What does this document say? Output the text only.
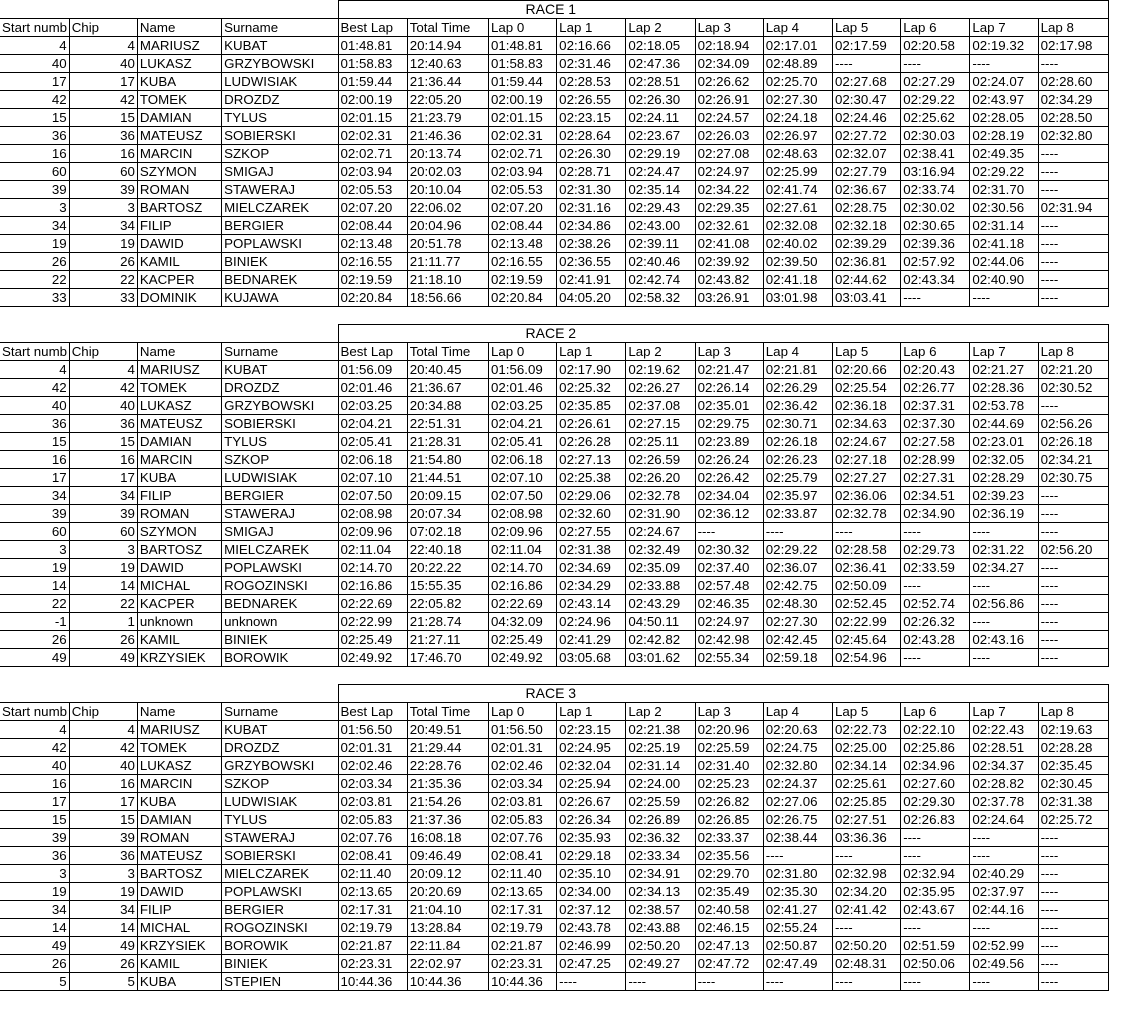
				RACE 1										
Start numb	Chip	Name	Surname	Best Lap	Total Time	Lap 0	Lap 1	Lap 2	Lap 3	Lap 4	Lap 5	Lap 6	Lap 7	Lap 8
4	4	MARIUSZ	KUBAT	01:48.81	20:14.94	01:48.81	02:16.66	02:18.05	02:18.94	02:17.01	02:17.59	02:20.58	02:19.32	02:17.98
40	40	LUKASZ	GRZYBOWSKI	01:58.83	12:40.63	01:58.83	02:31.46	02:47.36	02:34.09	02:48.89	----	----	----	----
17	17	KUBA	LUDWISIAK	01:59.44	21:36.44	01:59.44	02:28.53	02:28.51	02:26.62	02:25.70	02:27.68	02:27.29	02:24.07	02:28.60
42	42	TOMEK	DROZDZ	02:00.19	22:05.20	02:00.19	02:26.55	02:26.30	02:26.91	02:27.30	02:30.47	02:29.22	02:43.97	02:34.29
15	15	DAMIAN	TYLUS	02:01.15	21:23.79	02:01.15	02:23.15	02:24.11	02:24.57	02:24.18	02:24.46	02:25.62	02:28.05	02:28.50
36	36	MATEUSZ	SOBIERSKI	02:02.31	21:46.36	02:02.31	02:28.64	02:23.67	02:26.03	02:26.97	02:27.72	02:30.03	02:28.19	02:32.80
16	16	MARCIN	SZKOP	02:02.71	20:13.74	02:02.71	02:26.30	02:29.19	02:27.08	02:48.63	02:32.07	02:38.41	02:49.35	----
60	60	SZYMON	SMIGAJ	02:03.94	20:02.03	02:03.94	02:28.71	02:24.47	02:24.97	02:25.99	02:27.79	03:16.94	02:29.22	----
39	39	ROMAN	STAWERAJ	02:05.53	20:10.04	02:05.53	02:31.30	02:35.14	02:34.22	02:41.74	02:36.67	02:33.74	02:31.70	----
3	3	BARTOSZ	MIELCZAREK	02:07.20	22:06.02	02:07.20	02:31.16	02:29.43	02:29.35	02:27.61	02:28.75	02:30.02	02:30.56	02:31.94
34	34	FILIP	BERGIER	02:08.44	20:04.96	02:08.44	02:34.86	02:43.00	02:32.61	02:32.08	02:32.18	02:30.65	02:31.14	----
19	19	DAWID	POPLAWSKI	02:13.48	20:51.78	02:13.48	02:38.26	02:39.11	02:41.08	02:40.02	02:39.29	02:39.36	02:41.18	----
26	26	KAMIL	BINIEK	02:16.55	21:11.77	02:16.55	02:36.55	02:40.46	02:39.92	02:39.50	02:36.81	02:57.92	02:44.06	----
22	22	KACPER	BEDNAREK	02:19.59	21:18.10	02:19.59	02:41.91	02:42.74	02:43.82	02:41.18	02:44.62	02:43.34	02:40.90	----
33	33	DOMINIK	KUJAWA	02:20.84	18:56.66	02:20.84	04:05.20	02:58.32	03:26.91	03:01.98	03:03.41	----	----	----
				RACE 2										
Start numb	Chip	Name	Surname	Best Lap	Total Time	Lap 0	Lap 1	Lap 2	Lap 3	Lap 4	Lap 5	Lap 6	Lap 7	Lap 8
4	4	MARIUSZ	KUBAT	01:56.09	20:40.45	01:56.09	02:17.90	02:19.62	02:21.47	02:21.81	02:20.66	02:20.43	02:21.27	02:21.20
42	42	TOMEK	DROZDZ	02:01.46	21:36.67	02:01.46	02:25.32	02:26.27	02:26.14	02:26.29	02:25.54	02:26.77	02:28.36	02:30.52
40	40	LUKASZ	GRZYBOWSKI	02:03.25	20:34.88	02:03.25	02:35.85	02:37.08	02:35.01	02:36.42	02:36.18	02:37.31	02:53.78	----
36	36	MATEUSZ	SOBIERSKI	02:04.21	22:51.31	02:04.21	02:26.61	02:27.15	02:29.75	02:30.71	02:34.63	02:37.30	02:44.69	02:56.26
15	15	DAMIAN	TYLUS	02:05.41	21:28.31	02:05.41	02:26.28	02:25.11	02:23.89	02:26.18	02:24.67	02:27.58	02:23.01	02:26.18
16	16	MARCIN	SZKOP	02:06.18	21:54.80	02:06.18	02:27.13	02:26.59	02:26.24	02:26.23	02:27.18	02:28.99	02:32.05	02:34.21
17	17	KUBA	LUDWISIAK	02:07.10	21:44.51	02:07.10	02:25.38	02:26.20	02:26.42	02:25.79	02:27.27	02:27.31	02:28.29	02:30.75
34	34	FILIP	BERGIER	02:07.50	20:09.15	02:07.50	02:29.06	02:32.78	02:34.04	02:35.97	02:36.06	02:34.51	02:39.23	----
39	39	ROMAN	STAWERAJ	02:08.98	20:07.34	02:08.98	02:32.60	02:31.90	02:36.12	02:33.87	02:32.78	02:34.90	02:36.19	----
60	60	SZYMON	SMIGAJ	02:09.96	07:02.18	02:09.96	02:27.55	02:24.67	----	----	----	----	----	----
3	3	BARTOSZ	MIELCZAREK	02:11.04	22:40.18	02:11.04	02:31.38	02:32.49	02:30.32	02:29.22	02:28.58	02:29.73	02:31.22	02:56.20
19	19	DAWID	POPLAWSKI	02:14.70	20:22.22	02:14.70	02:34.69	02:35.09	02:37.40	02:36.07	02:36.41	02:33.59	02:34.27	----
14	14	MICHAL	ROGOZINSKI	02:16.86	15:55.35	02:16.86	02:34.29	02:33.88	02:57.48	02:42.75	02:50.09	----	----	----
22	22	KACPER	BEDNAREK	02:22.69	22:05.82	02:22.69	02:43.14	02:43.29	02:46.35	02:48.30	02:52.45	02:52.74	02:56.86	----
-1	1	unknown	unknown	02:22.99	21:28.74	04:32.09	02:24.96	04:50.11	02:24.97	02:27.30	02:22.99	02:26.32	----	----
26	26	KAMIL	BINIEK	02:25.49	21:27.11	02:25.49	02:41.29	02:42.82	02:42.98	02:42.45	02:45.64	02:43.28	02:43.16	----
49	49	KRZYSIEK	BOROWIK	02:49.92	17:46.70	02:49.92	03:05.68	03:01.62	02:55.34	02:59.18	02:54.96	----	----	----
				RACE 3										
Start numb	Chip	Name	Surname	Best Lap	Total Time	Lap 0	Lap 1	Lap 2	Lap 3	Lap 4	Lap 5	Lap 6	Lap 7	Lap 8
4	4	MARIUSZ	KUBAT	01:56.50	20:49.51	01:56.50	02:23.15	02:21.38	02:20.96	02:20.63	02:22.73	02:22.10	02:22.43	02:19.63
42	42	TOMEK	DROZDZ	02:01.31	21:29.44	02:01.31	02:24.95	02:25.19	02:25.59	02:24.75	02:25.00	02:25.86	02:28.51	02:28.28
40	40	LUKASZ	GRZYBOWSKI	02:02.46	22:28.76	02:02.46	02:32.04	02:31.14	02:31.40	02:32.80	02:34.14	02:34.96	02:34.37	02:35.45
16	16	MARCIN	SZKOP	02:03.34	21:35.36	02:03.34	02:25.94	02:24.00	02:25.23	02:24.37	02:25.61	02:27.60	02:28.82	02:30.45
17	17	KUBA	LUDWISIAK	02:03.81	21:54.26	02:03.81	02:26.67	02:25.59	02:26.82	02:27.06	02:25.85	02:29.30	02:37.78	02:31.38
15	15	DAMIAN	TYLUS	02:05.83	21:37.36	02:05.83	02:26.34	02:26.89	02:26.85	02:26.75	02:27.51	02:26.83	02:24.64	02:25.72
39	39	ROMAN	STAWERAJ	02:07.76	16:08.18	02:07.76	02:35.93	02:36.32	02:33.37	02:38.44	03:36.36	----	----	----
36	36	MATEUSZ	SOBIERSKI	02:08.41	09:46.49	02:08.41	02:29.18	02:33.34	02:35.56	----	----	----	----	----
3	3	BARTOSZ	MIELCZAREK	02:11.40	20:09.12	02:11.40	02:35.10	02:34.91	02:29.70	02:31.80	02:32.98	02:32.94	02:40.29	----
19	19	DAWID	POPLAWSKI	02:13.65	20:20.69	02:13.65	02:34.00	02:34.13	02:35.49	02:35.30	02:34.20	02:35.95	02:37.97	----
34	34	FILIP	BERGIER	02:17.31	21:04.10	02:17.31	02:37.12	02:38.57	02:40.58	02:41.27	02:41.42	02:43.67	02:44.16	----
14	14	MICHAL	ROGOZINSKI	02:19.79	13:28.84	02:19.79	02:43.78	02:43.88	02:46.15	02:55.24	----	----	----	----
49	49	KRZYSIEK	BOROWIK	02:21.87	22:11.84	02:21.87	02:46.99	02:50.20	02:47.13	02:50.87	02:50.20	02:51.59	02:52.99	----
26	26	KAMIL	BINIEK	02:23.31	22:02.97	02:23.31	02:47.25	02:49.27	02:47.72	02:47.49	02:48.31	02:50.06	02:49.56	----
5	5	KUBA	STEPIEN	10:44.36	10:44.36	10:44.36	----	----	----	----	----	----	----	----
